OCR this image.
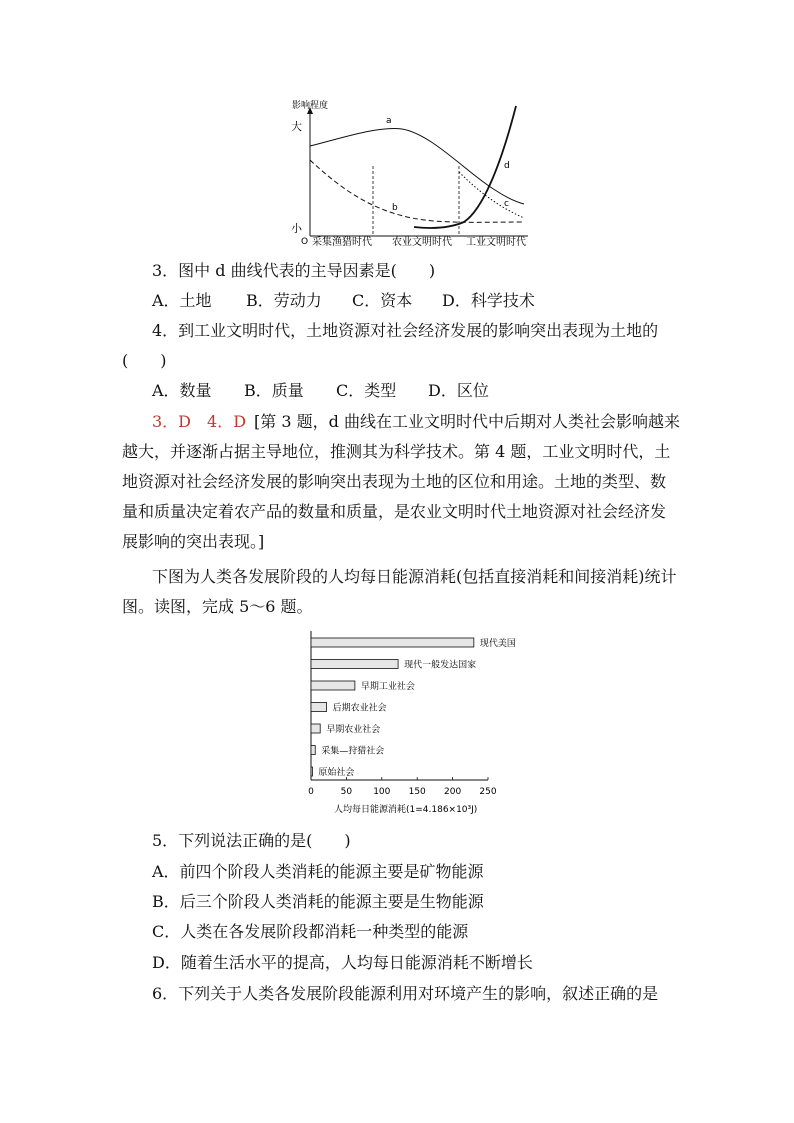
影响程度
大
小
O 采集渔猎时代 农业文明时代 工业文明时代
a
b	c
d
3．图中 d 曲线代表的主导因素是(　　)
A．土地 B．劳动力 C．资本 D．科学技术
4．到工业文明时代，土地资源对社会经济发展的影响突出表现为土地的
(　　)
A．数量 B．质量 C．类型 D．区位
3．D　4．D [第 3 题，d 曲线在工业文明时代中后期对人类社会影响越来
越大，并逐渐占据主导地位，推测其为科学技术。第 4 题，工业文明时代，土
地资源对社会经济发展的影响突出表现为土地的区位和用途。土地的类型、数
量和质量决定着农产品的数量和质量，是农业文明时代土地资源对社会经济发
展影响的突出表现。]
下图为人类各发展阶段的人均每日能源消耗(包括直接消耗和间接消耗)统计
图。读图，完成 5～6 题。
现代美国
现代一般发达国家
早期工业社会
后期农业社会
早期农业社会
采集—狩猎社会
原始社会
0	50 100 150 200 250
人均每日能源消耗(1=4.186×10³J)
5．下列说法正确的是(　　)
A．前四个阶段人类消耗的能源主要是矿物能源
B．后三个阶段人类消耗的能源主要是生物能源
C．人类在各发展阶段都消耗一种类型的能源
D．随着生活水平的提高，人均每日能源消耗不断增长
6．下列关于人类各发展阶段能源利用对环境产生的影响，叙述正确的是
